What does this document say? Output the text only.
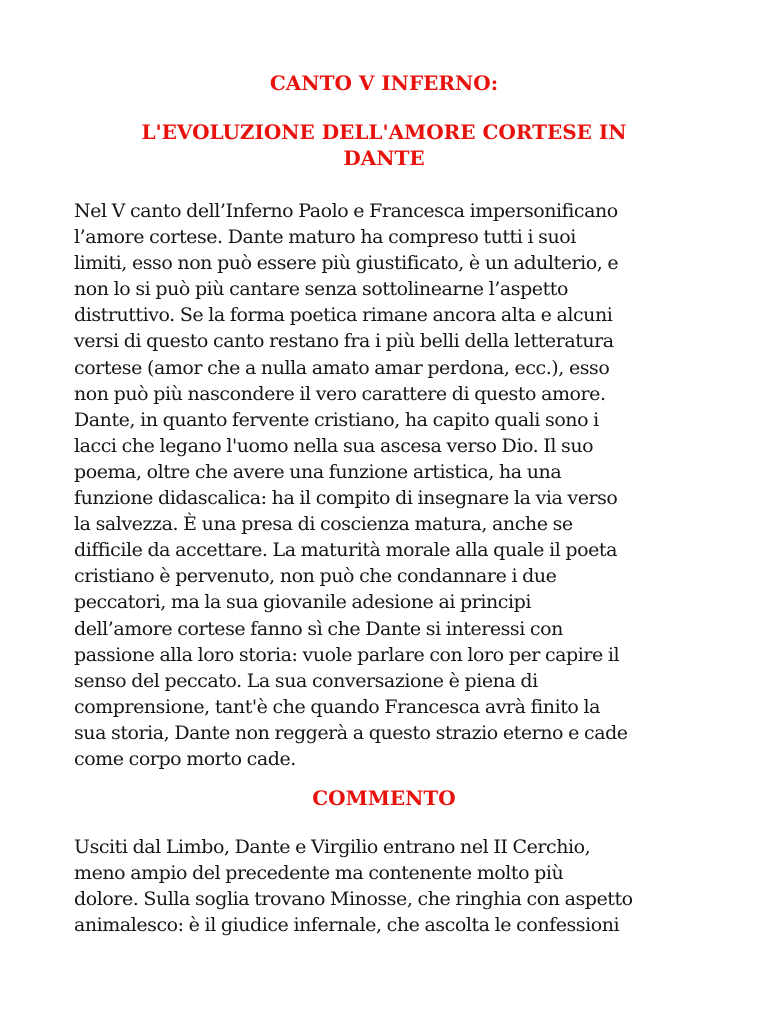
CANTO V INFERNO:
L'EVOLUZIONE DELL'AMORE CORTESE IN DANTE
Nel V canto dell’Inferno Paolo e Francesca impersonificano
l’amore cortese. Dante maturo ha compreso tutti i suoi
limiti, esso non può essere più giustificato, è un adulterio, e
non lo si può più cantare senza sottolinearne l’aspetto
distruttivo. Se la forma poetica rimane ancora alta e alcuni
versi di questo canto restano fra i più belli della letteratura
cortese (amor che a nulla amato amar perdona, ecc.), esso
non può più nascondere il vero carattere di questo amore.
Dante, in quanto fervente cristiano, ha capito quali sono i
lacci che legano l'uomo nella sua ascesa verso Dio. Il suo
poema, oltre che avere una funzione artistica, ha una
funzione didascalica: ha il compito di insegnare la via verso
la salvezza. È una presa di coscienza matura, anche se
difficile da accettare. La maturità morale alla quale il poeta
cristiano è pervenuto, non può che condannare i due
peccatori, ma la sua giovanile adesione ai principi
dell’amore cortese fanno sì che Dante si interessi con
passione alla loro storia: vuole parlare con loro per capire il
senso del peccato. La sua conversazione è piena di
comprensione, tant'è che quando Francesca avrà finito la
sua storia, Dante non reggerà a questo strazio eterno e cade
come corpo morto cade.
COMMENTO
Usciti dal Limbo, Dante e Virgilio entrano nel II Cerchio,
meno ampio del precedente ma contenente molto più
dolore. Sulla soglia trovano Minosse, che ringhia con aspetto
animalesco: è il giudice infernale, che ascolta le confessioni
